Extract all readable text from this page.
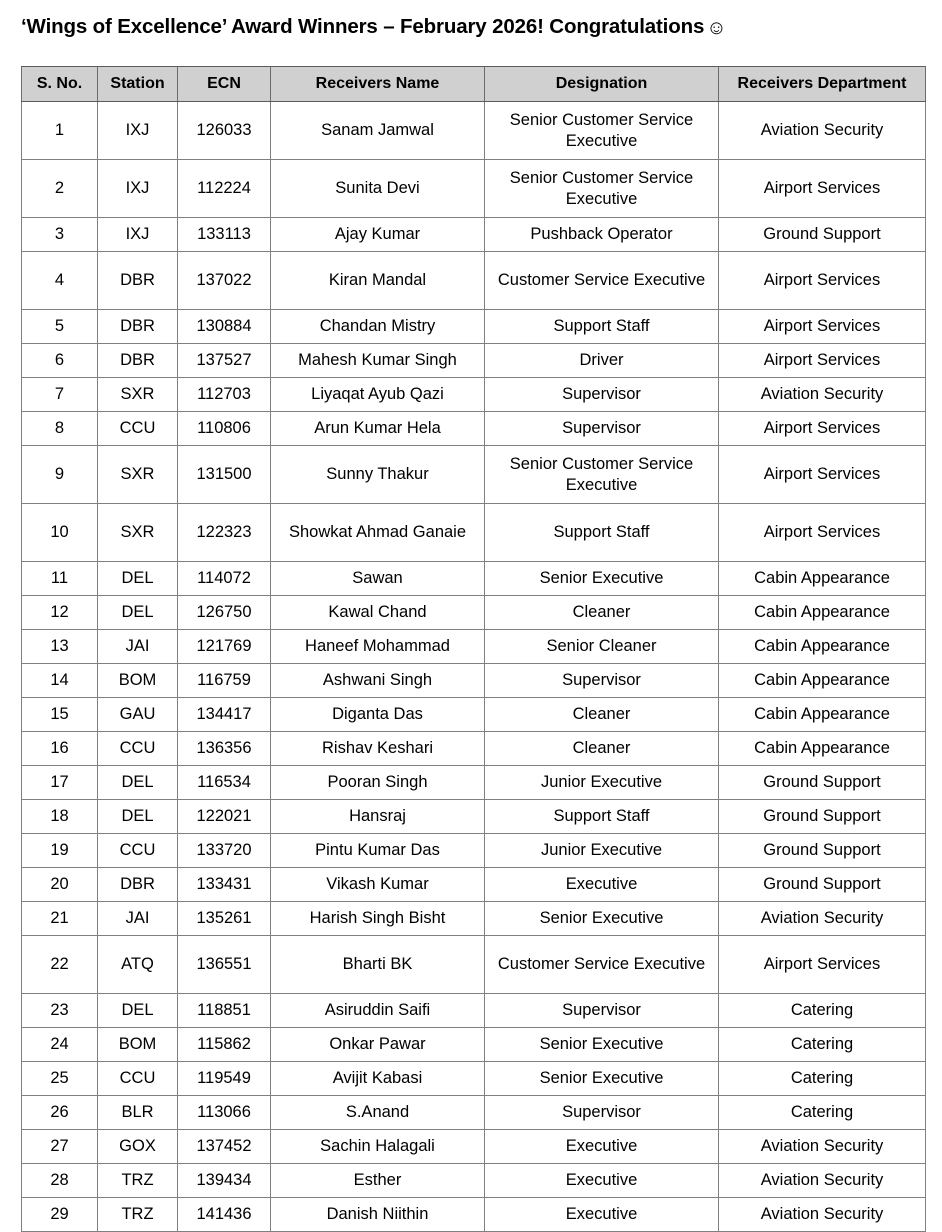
‘Wings of Excellence’ Award Winners – February 2026! Congratulations ☺
S. No.	Station	ECN	Receivers Name	Designation	Receivers Department
1	IXJ	126033	Sanam Jamwal	Senior Customer Service Executive	Aviation Security
2	IXJ	112224	Sunita Devi	Senior Customer Service Executive	Airport Services
3	IXJ	133113	Ajay Kumar	Pushback Operator	Ground Support
4	DBR	137022	Kiran Mandal	Customer Service Executive	Airport Services
5	DBR	130884	Chandan Mistry	Support Staff	Airport Services
6	DBR	137527	Mahesh Kumar Singh	Driver	Airport Services
7	SXR	112703	Liyaqat Ayub Qazi	Supervisor	Aviation Security
8	CCU	110806	Arun Kumar Hela	Supervisor	Airport Services
9	SXR	131500	Sunny Thakur	Senior Customer Service Executive	Airport Services
10	SXR	122323	Showkat Ahmad Ganaie	Support Staff	Airport Services
11	DEL	114072	Sawan	Senior Executive	Cabin Appearance
12	DEL	126750	Kawal Chand	Cleaner	Cabin Appearance
13	JAI	121769	Haneef Mohammad	Senior Cleaner	Cabin Appearance
14	BOM	116759	Ashwani Singh	Supervisor	Cabin Appearance
15	GAU	134417	Diganta Das	Cleaner	Cabin Appearance
16	CCU	136356	Rishav Keshari	Cleaner	Cabin Appearance
17	DEL	116534	Pooran Singh	Junior Executive	Ground Support
18	DEL	122021	Hansraj	Support Staff	Ground Support
19	CCU	133720	Pintu Kumar Das	Junior Executive	Ground Support
20	DBR	133431	Vikash Kumar	Executive	Ground Support
21	JAI	135261	Harish Singh Bisht	Senior Executive	Aviation Security
22	ATQ	136551	Bharti BK	Customer Service Executive	Airport Services
23	DEL	118851	Asiruddin Saifi	Supervisor	Catering
24	BOM	115862	Onkar Pawar	Senior Executive	Catering
25	CCU	119549	Avijit Kabasi	Senior Executive	Catering
26	BLR	113066	S.Anand	Supervisor	Catering
27	GOX	137452	Sachin Halagali	Executive	Aviation Security
28	TRZ	139434	Esther	Executive	Aviation Security
29	TRZ	141436	Danish Niithin	Executive	Aviation Security
